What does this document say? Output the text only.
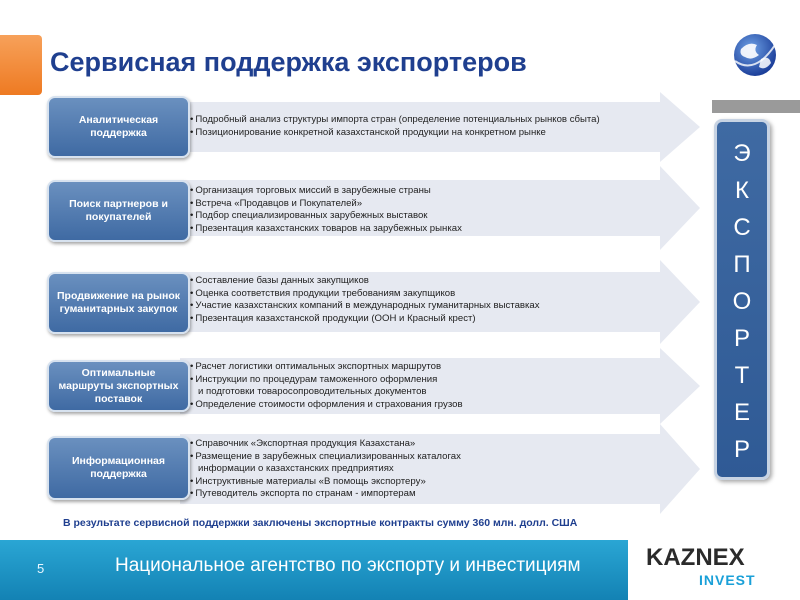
Сервисная поддержка экспортеров
• Подробный анализ структуры импорта стран (определение потенциальных рынков сбыта)
• Позиционирование конкретной казахстанской продукции на конкретном рынке
Аналитическая поддержка
• Организация торговых миссий в зарубежные страны
• Встреча «Продавцов и Покупателей»
• Подбор специализированных зарубежных выставок
• Презентация казахстанских товаров на зарубежных рынках
Поиск партнеров и покупателей
• Составление базы данных закупщиков
• Оценка соответствия продукции требованиям закупщиков
• Участие казахстанских компаний в международных гуманитарных выставках
• Презентация казахстанской продукции (ООН и Красный крест)
Продвижение на рынок гуманитарных закупок
• Расчет логистики оптимальных экспортных маршрутов
• Инструкции по процедурам таможенного оформления
и подготовки товаросопроводительных документов
• Определение стоимости оформления и страхования грузов
Оптимальные маршруты экспортных поставок
• Справочник «Экспортная продукция Казахстана»
• Размещение в зарубежных специализированных каталогах
информации о казахстанских предприятиях
• Инструктивные материалы «В помощь экспортеру»
• Путеводитель экспорта по странам - импортерам
Информационная поддержка
Э
К
С
П
О
Р
Т
Е
Р
В результате сервисной поддержки заключены экспортные контракты сумму 360 млн. долл. США
5	Национальное агентство по экспорту и инвестициям	KAZNEX
INVEST
